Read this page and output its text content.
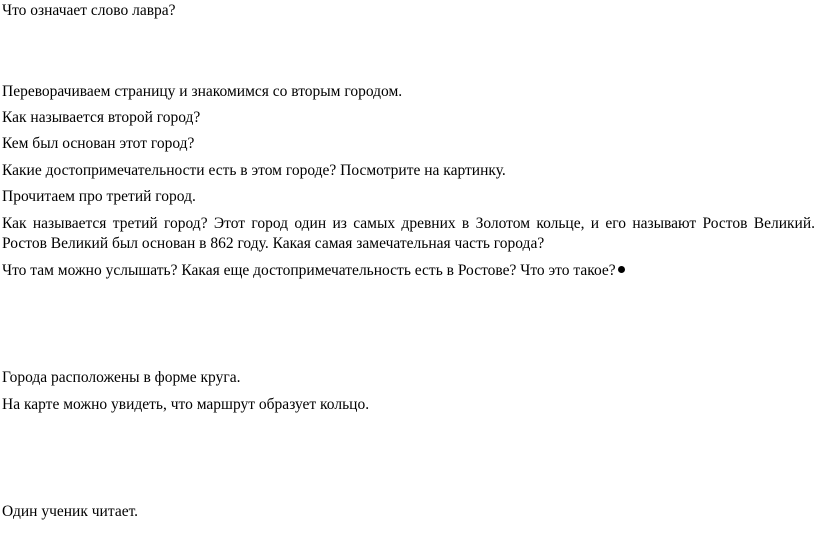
Что означает слово лавра?
Переворачиваем страницу и знакомимся со вторым городом.
Как называется второй город?
Кем был основан этот город?
Какие достопримечательности есть в этом городе? Посмотрите на картинку.
Прочитаем про третий город.
Как называется третий город? Этот город один из самых древних в Золотом кольце, и его называют Ростов Великий. Ростов Великий был основан в 862 году. Какая самая замечательная часть города?
Что там можно услышать? Какая еще достопримечательность есть в Ростове? Что это такое?
Города расположены в форме круга.
На карте можно увидеть, что маршрут образует кольцо.
Один ученик читает.
